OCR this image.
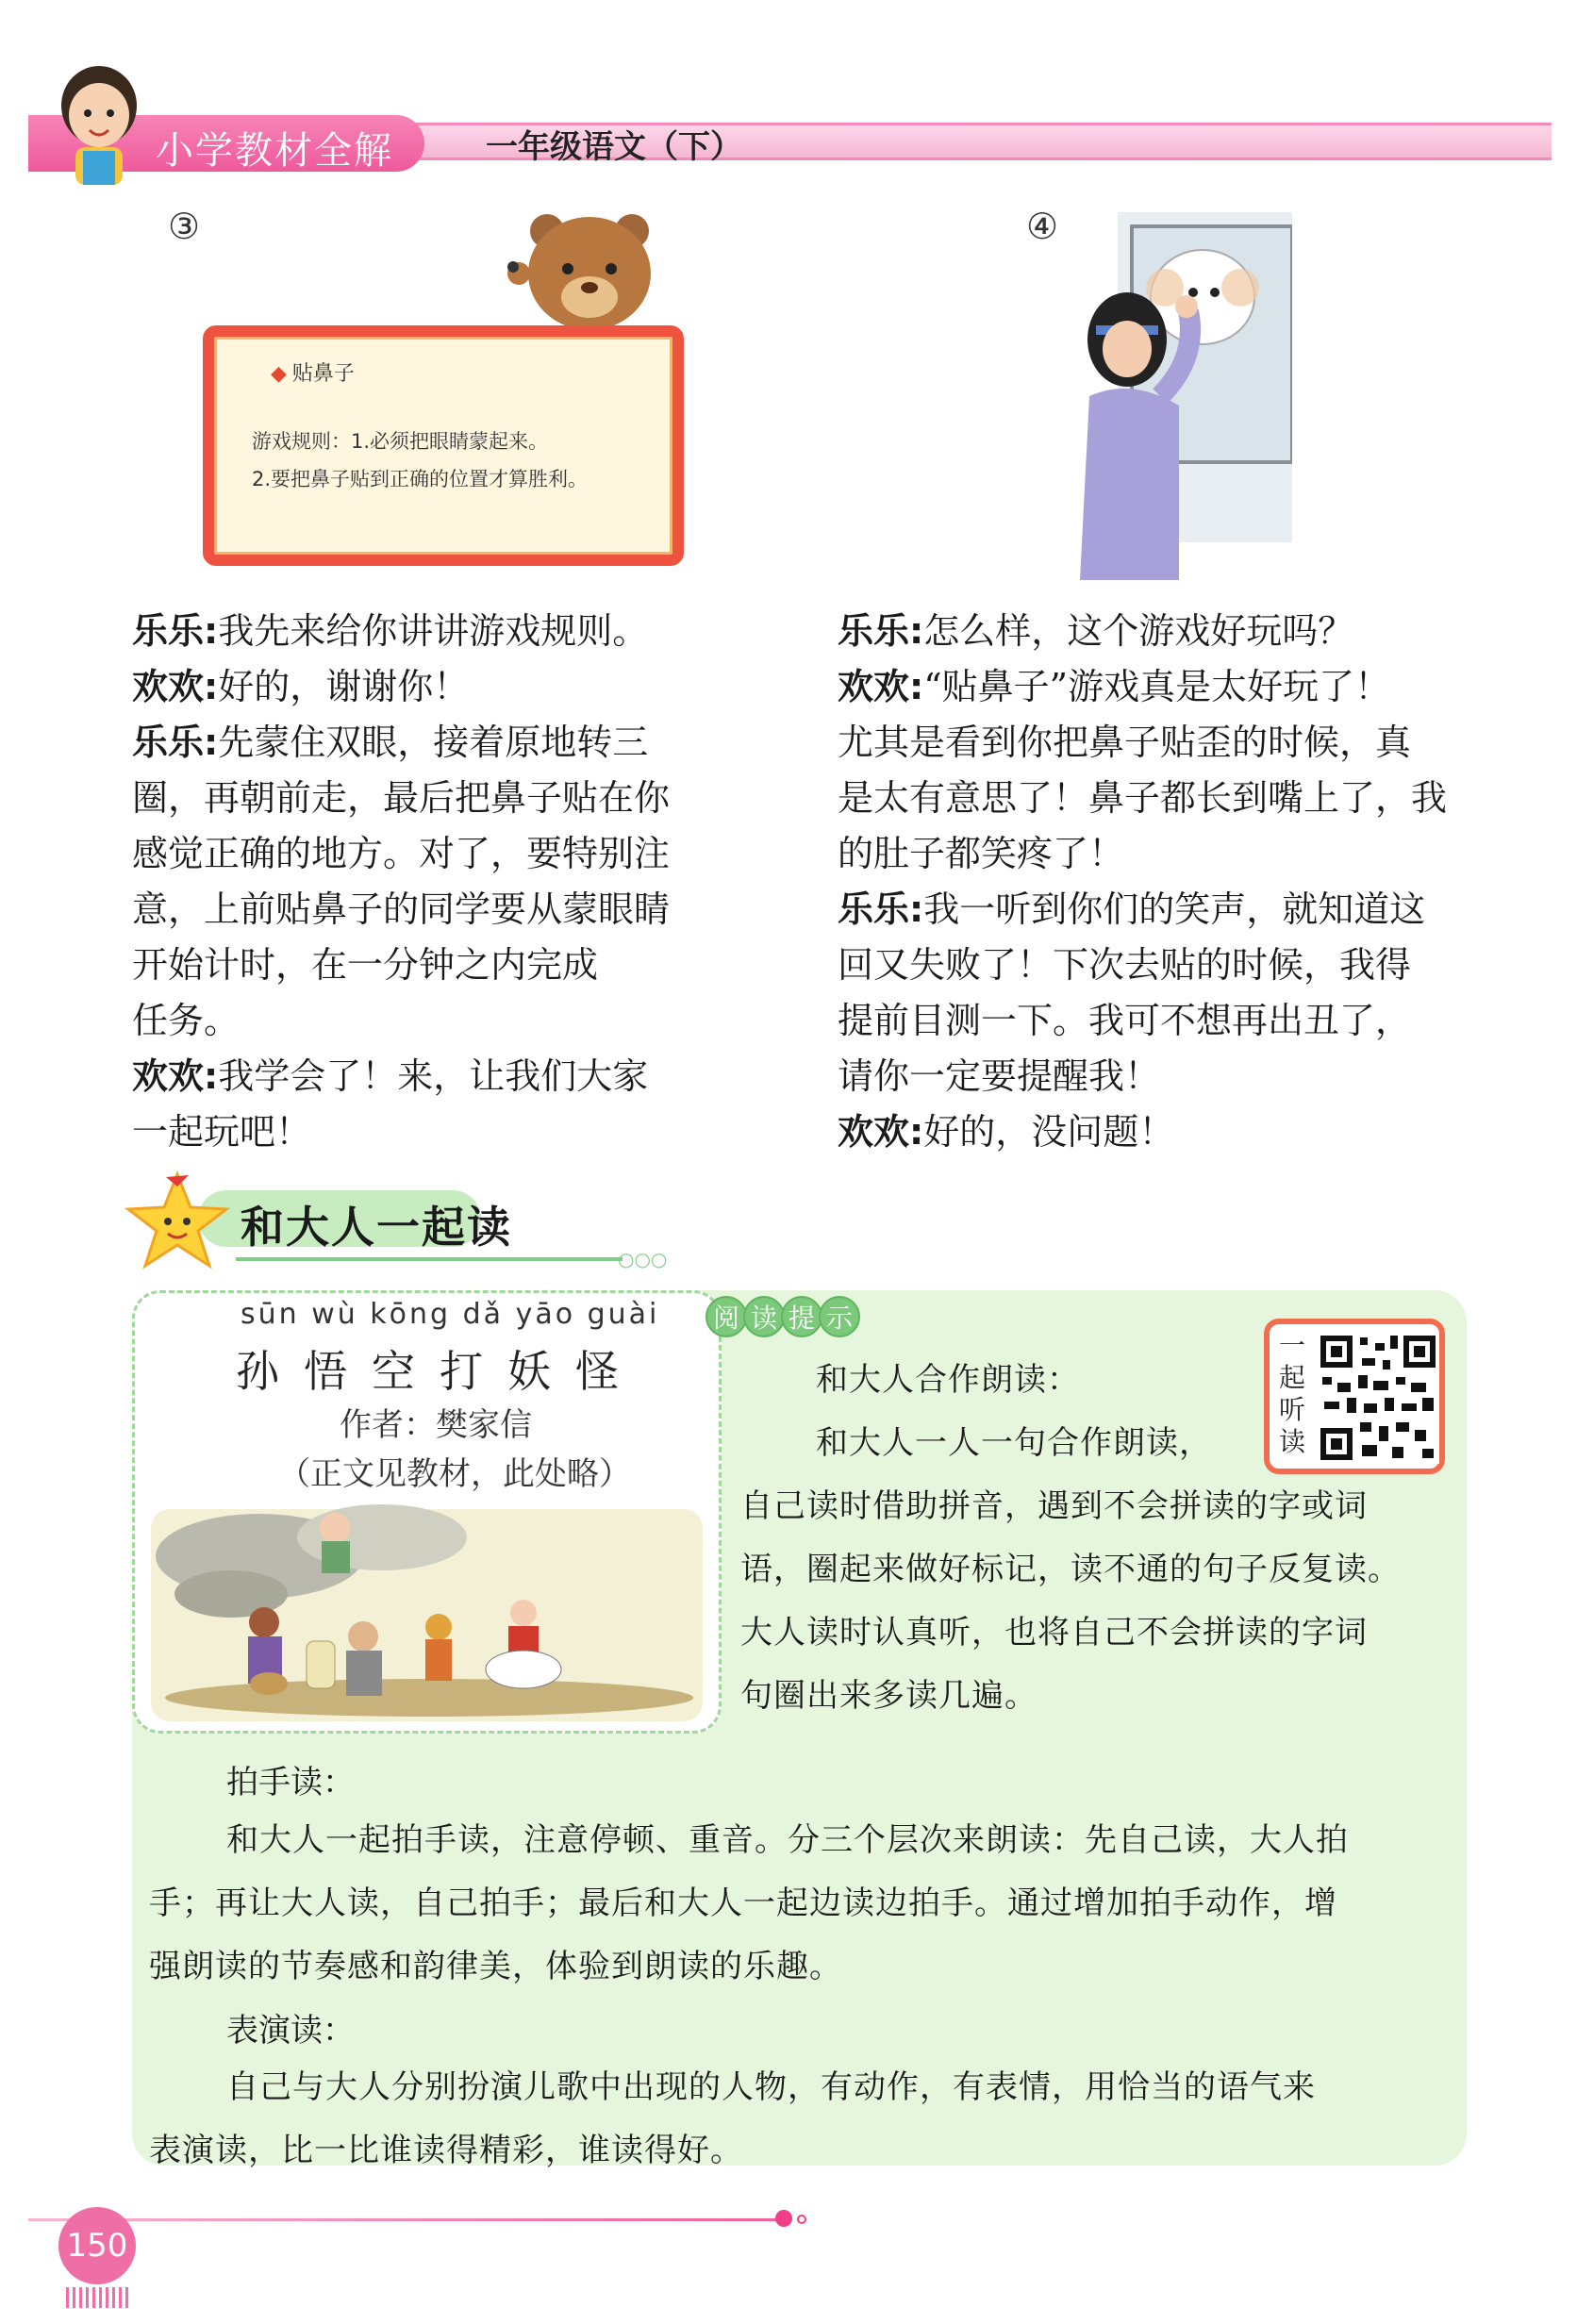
小学教材全解	一年级语文（下）
③
◆ 贴鼻子
游戏规则：1.必须把眼睛蒙起来。
2.要把鼻子贴到正确的位置才算胜利。
④

乐乐:我先来给你讲讲游戏规则。

欢欢:好的，谢谢你！

乐乐:先蒙住双眼，接着原地转三

圈，再朝前走，最后把鼻子贴在你

感觉正确的地方。对了，要特别注

意，上前贴鼻子的同学要从蒙眼睛

开始计时，在一分钟之内完成

任务。

欢欢:我学会了！来，让我们大家

一起玩吧！

乐乐:怎么样，这个游戏好玩吗？

欢欢:“贴鼻子”游戏真是太好玩了！

尤其是看到你把鼻子贴歪的时候，真

是太有意思了！鼻子都长到嘴上了，我

的肚子都笑疼了！

乐乐:我一听到你们的笑声，就知道这

回又失败了！下次去贴的时候，我得

提前目测一下。我可不想再出丑了，

请你一定要提醒我！

欢欢:好的，没问题！

和大人一起读
○○○
sūn wù kōng dǎ yāo guài
孙悟空打妖怪
作者：樊家信
（正文见教材，此处略）
阅 读 提 示
一起听读
和大人合作朗读：

和大人一人一句合作朗读，

自己读时借助拼音，遇到不会拼读的字或词

语，圈起来做好标记，读不通的句子反复读。

大人读时认真听，也将自己不会拼读的字词

句圈出来多读几遍。

拍手读：

和大人一起拍手读，注意停顿、重音。分三个层次来朗读：先自己读，大人拍

手；再让大人读，自己拍手；最后和大人一起边读边拍手。通过增加拍手动作，增

强朗读的节奏感和韵律美，体验到朗读的乐趣。

表演读：

自己与大人分别扮演儿歌中出现的人物，有动作，有表情，用恰当的语气来

表演读，比一比谁读得精彩，谁读得好。

150
